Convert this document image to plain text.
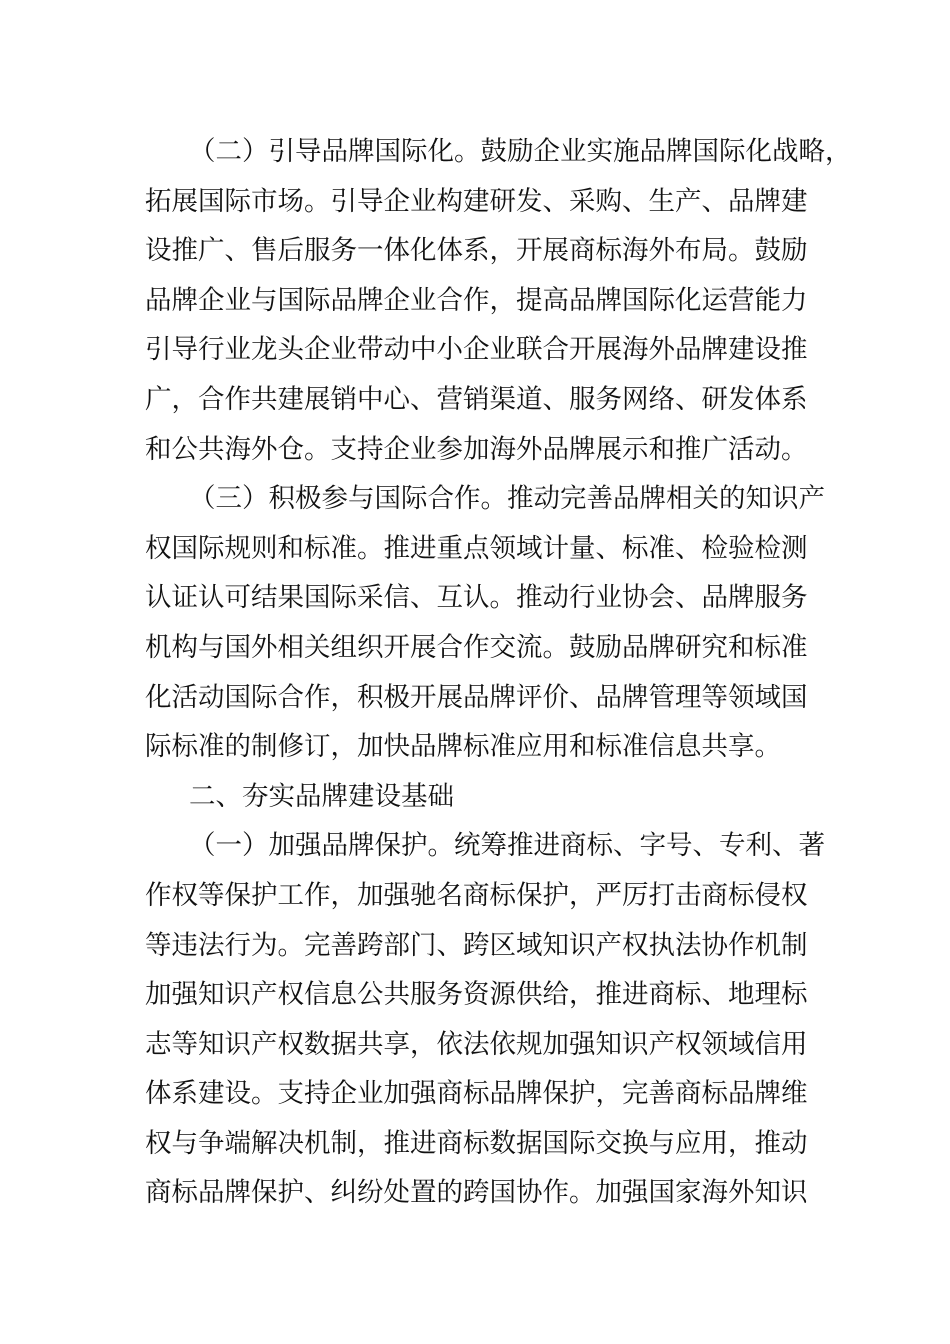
（二）引导品牌国际化。鼓励企业实施品牌国际化战略，
拓展国际市场。引导企业构建研发、采购、生产、品牌建
设推广、售后服务一体化体系，开展商标海外布局。鼓励
品牌企业与国际品牌企业合作，提高品牌国际化运营能力
引导行业龙头企业带动中小企业联合开展海外品牌建设推
广，合作共建展销中心、营销渠道、服务网络、研发体系
和公共海外仓。支持企业参加海外品牌展示和推广活动。
（三）积极参与国际合作。推动完善品牌相关的知识产
权国际规则和标准。推进重点领域计量、标准、检验检测
认证认可结果国际采信、互认。推动行业协会、品牌服务
机构与国外相关组织开展合作交流。鼓励品牌研究和标准
化活动国际合作，积极开展品牌评价、品牌管理等领域国
际标准的制修订，加快品牌标准应用和标准信息共享。
二、夯实品牌建设基础
（一）加强品牌保护。统筹推进商标、字号、专利、著
作权等保护工作，加强驰名商标保护，严厉打击商标侵权
等违法行为。完善跨部门、跨区域知识产权执法协作机制
加强知识产权信息公共服务资源供给，推进商标、地理标
志等知识产权数据共享，依法依规加强知识产权领域信用
体系建设。支持企业加强商标品牌保护，完善商标品牌维
权与争端解决机制，推进商标数据国际交换与应用，推动
商标品牌保护、纠纷处置的跨国协作。加强国家海外知识
